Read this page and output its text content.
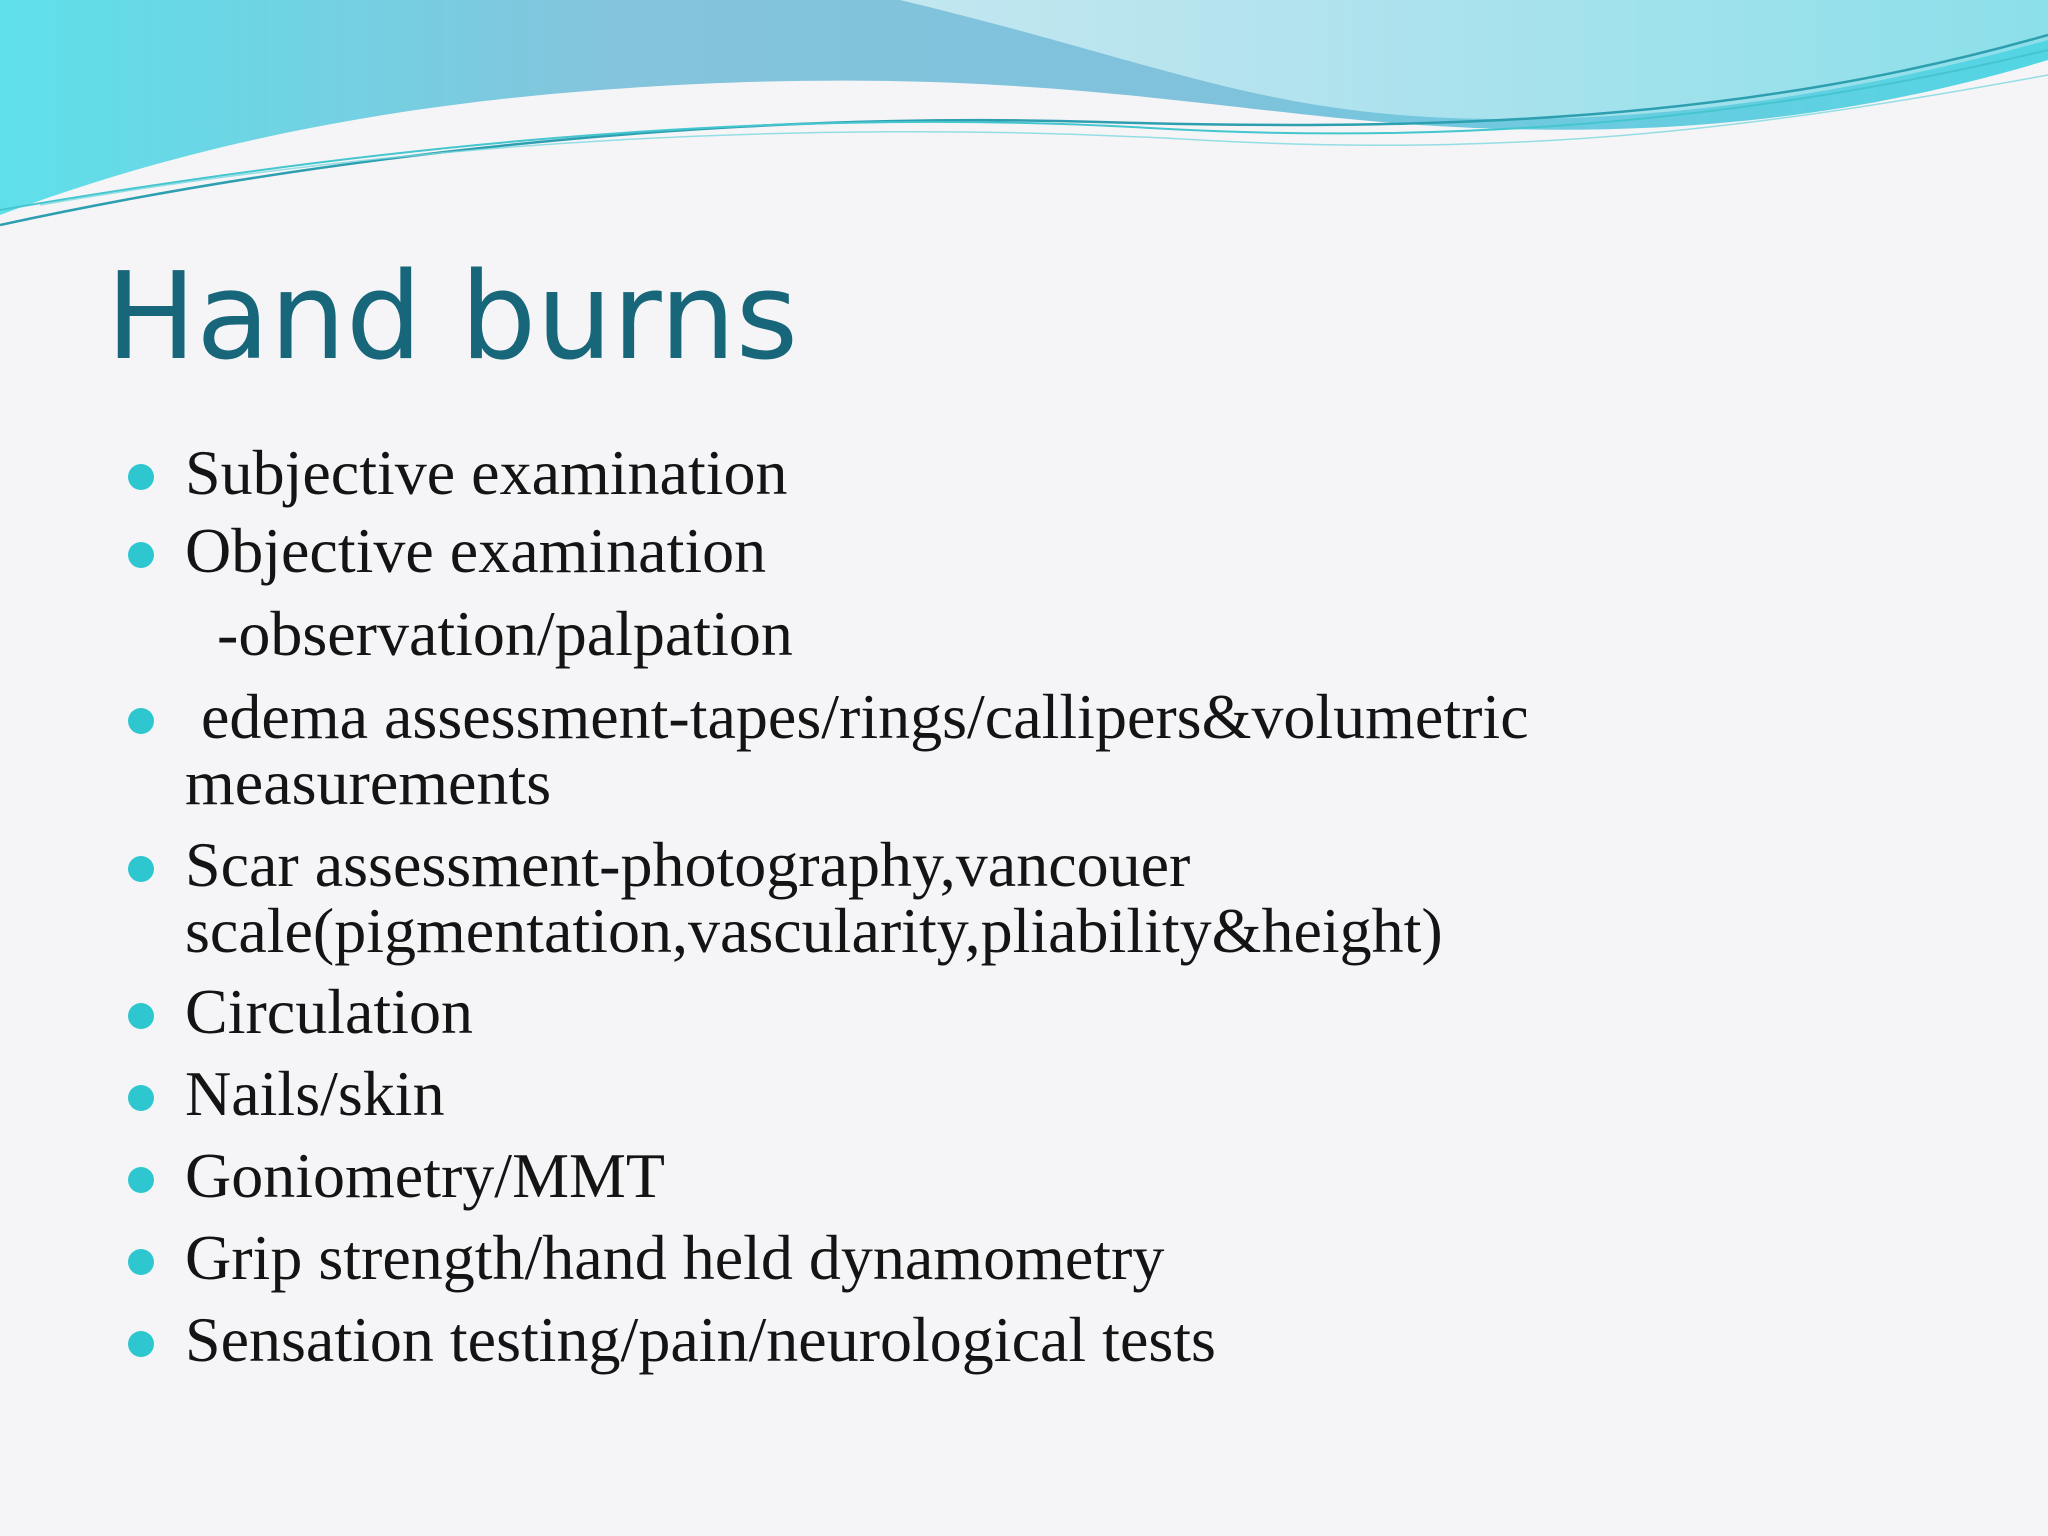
Hand burns
Subjective examination
Objective examination
-observation/palpation
edema assessment-tapes/rings/callipers&volumetric
measurements
Scar assessment-photography,vancouer
scale(pigmentation,vascularity,pliability&height)
Circulation
Nails/skin
Goniometry/MMT
Grip strength/hand held dynamometry
Sensation testing/pain/neurological tests
